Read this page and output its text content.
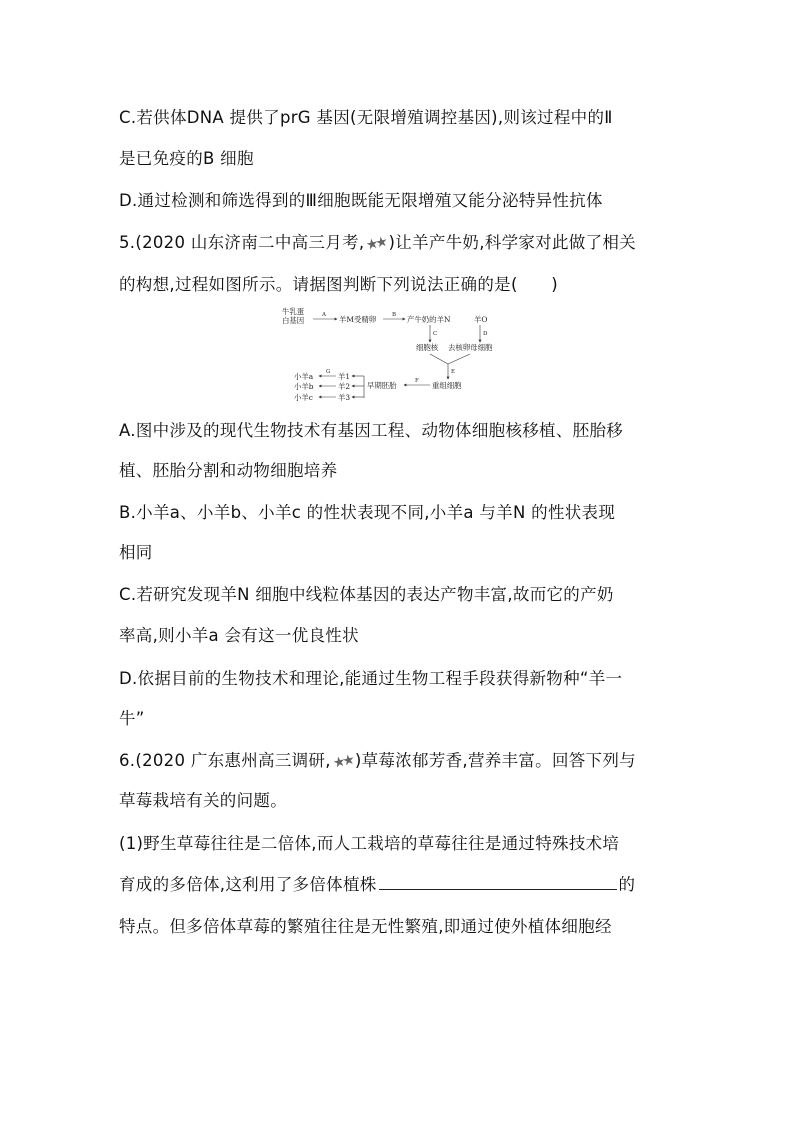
C.若供体DNA 提供了prG 基因(无限增殖调控基因),则该过程中的Ⅱ
是已免疫的B 细胞
D.通过检测和筛选得到的Ⅲ细胞既能无限增殖又能分泌特异性抗体
5.(2020 山东济南二中高三月考,★★)让羊产牛奶,科学家对此做了相关
的构想,过程如图所示。请据图判断下列说法正确的是(　　)
牛乳蛋
白基因
A 羊M受精卵	B 产牛奶的羊N	羊O
C	D
细胞核 去核卵母细胞
E
重组细胞
F
早期胚胎
羊1
羊2
羊3
G
小羊a
小羊b
小羊c
A.图中涉及的现代生物技术有基因工程、动物体细胞核移植、胚胎移
植、胚胎分割和动物细胞培养
B.小羊a、小羊b、小羊c 的性状表现不同,小羊a 与羊N 的性状表现
相同
C.若研究发现羊N 细胞中线粒体基因的表达产物丰富,故而它的产奶
率高,则小羊a 会有这一优良性状
D.依据目前的生物技术和理论,能通过生物工程手段获得新物种“羊一
牛”
6.(2020 广东惠州高三调研,★★)草莓浓郁芳香,营养丰富。回答下列与
草莓栽培有关的问题。
(1)野生草莓往往是二倍体,而人工栽培的草莓往往是通过特殊技术培
育成的多倍体,这利用了多倍体植株	的
特点。但多倍体草莓的繁殖往往是无性繁殖,即通过使外植体细胞经
